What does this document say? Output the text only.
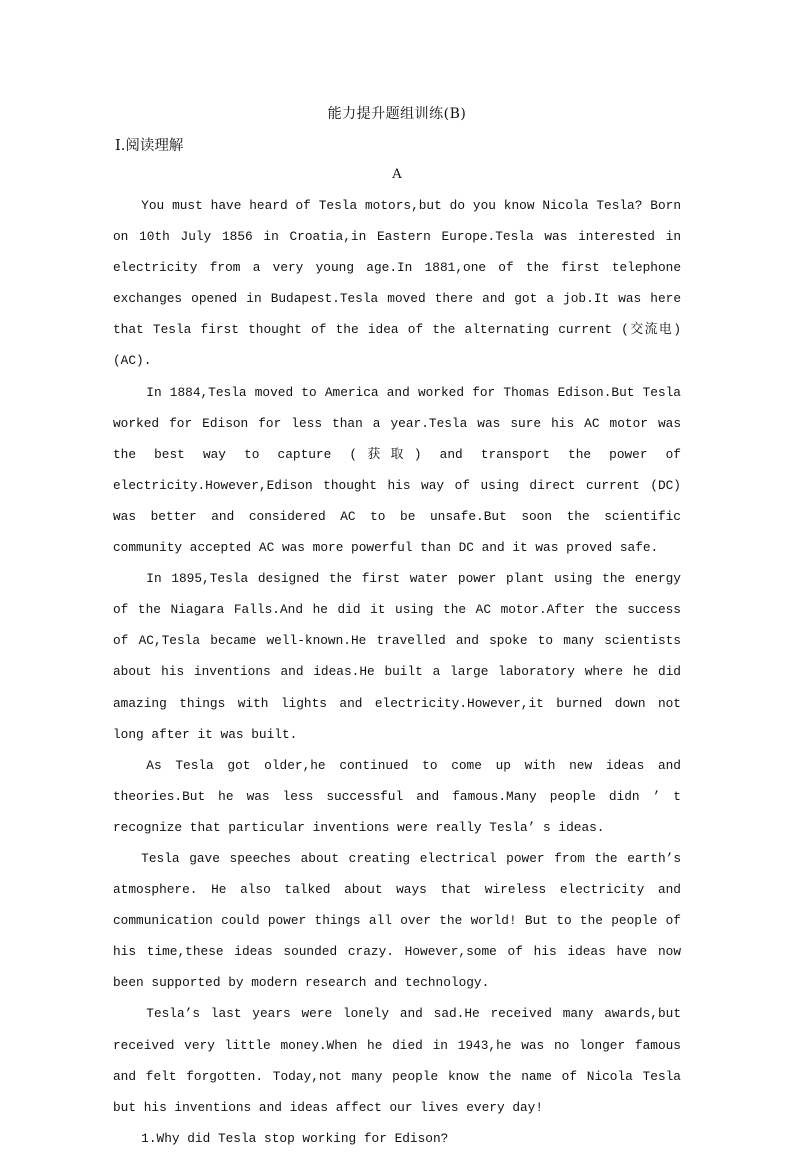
能力提升题组训练(B)
Ⅰ.阅读理解
A

You must have heard of Tesla motors,but do you know Nicola Tesla? Born on 10th July 1856 in Croatia,in Eastern Europe.Tesla was interested in electricity from a very young age.In 1881,one of the first telephone exchanges opened in Budapest.Tesla moved there and got a job.It was here that Tesla first thought of the idea of the alternating current (交流电) (AC).

In 1884,Tesla moved to America and worked for Thomas Edison.But Tesla worked for Edison for less than a year.Tesla was sure his AC motor was the best way to capture (获取) and transport the power of electricity.However,Edison thought his way of using direct current (DC) was better and considered AC to be unsafe.But soon the scientific community accepted AC was more powerful than DC and it was proved safe.

In 1895,Tesla designed the first water power plant using the energy of the Niagara Falls.And he did it using the AC motor.After the success of AC,Tesla became well-known.He travelled and spoke to many scientists about his inventions and ideas.He built a large laboratory where he did amazing things with lights and electricity.However,it burned down not long after it was built.

As Tesla got older,he continued to come up with new ideas and theories.But he was less successful and famous.Many people didn ’ t recognize that particular inventions were really Tesla’ s ideas.

Tesla gave speeches about creating electrical power from the earth’s atmosphere. He also talked about ways that wireless electricity and communication could power things all over the world! But to the people of his time,these ideas sounded crazy. However,some of his ideas have now been supported by modern research and technology.

Tesla’s last years were lonely and sad.He received many awards,but received very little money.When he died in 1943,he was no longer famous and felt forgotten. Today,not many people know the name of Nicola Tesla but his inventions and ideas affect our lives every day!

1.Why did Tesla stop working for Edison?
